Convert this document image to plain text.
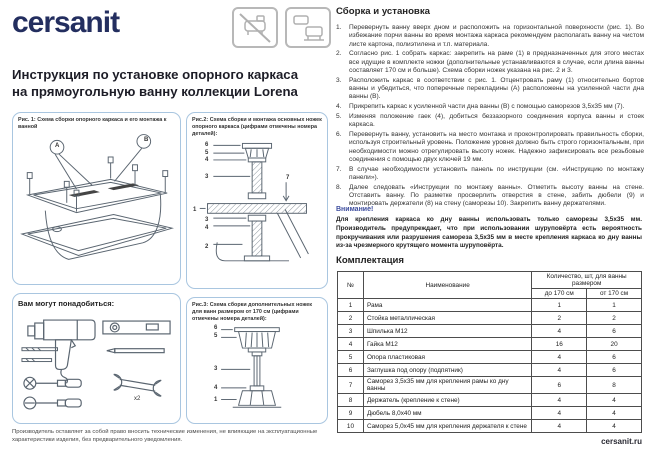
cersanit
Инструкция по установке опорного каркаса
на прямоугольную ванну коллекции Lorena
Рис. 1: Схема сборки опорного каркаса и его монтажа к ванной
A
B
Рис.2: Схема сборки и монтажа основных ножек опорного каркаса (цифрами отмечены номера деталей):
6
5
4
3
1
3
4
2
7
Рис.3: Схема сборки дополнительных ножек для ванн размером от 170 см (цифрами отмечены номера деталей):
6
5
3
4
1
Вам могут понадобиться:
x2
Производитель оставляет за собой право вносить технические изменения, не влияющие на эксплуатационные характеристики изделия, без предварительного уведомления.
Сборка и установка
1.	Перевернуть ванну вверх дном и расположить на горизонтальной поверхности (рис. 1). Во избежание порчи ванны во время монтажа каркаса рекомендуем располагать ванну на чистом листе картона, полиэтилена и т.п. материала.
2.	Согласно рис. 1 собрать каркас: закрепить на раме (1) в предназначенных для этого местах все идущие в комплекте ножки (дополнительные устанавливаются в случае, если длина ванны составляет 170 см и больше). Схема сборки ножек указана на рис. 2 и 3.
3.	Расположить каркас в соответствии с рис. 1. Отцентровать раму (1) относительно бортов ванны и убедиться, что поперечные перекладины (А) расположены на усиленной части дна ванны (B).
4.	Прикрепить каркас к усиленной части дна ванны (B) с помощью саморезов 3,5х35 мм (7).
5.	Изменяя положение гаек (4), добиться беззазорного соединения корпуса ванны и стоек каркаса.
6.	Перевернуть ванну, установить на место монтажа и проконтролировать правильность сборки, используя строительный уровень. Положение уровня должно быть строго горизонтальным, при необходимости можно отрегулировать высоту ножек. Надежно зафиксировать все резьбовые соединения с помощью двух ключей 19 мм.
7.	В случае необходимости установить панель по инструкции (см. «Инструкцию по монтажу панели»).
8.	Далее следовать «Инструкции по монтажу ванны». Отметить высоту ванны на стене. Отставить ванну. По разметке просверлить отверстия в стене, забить дюбели (9) и монтировать держатели (8) на стену (саморезы 10). Закрепить ванну держателями.
Внимание!
Для крепления каркаса ко дну ванны использовать только саморезы 3,5х35 мм. Производитель предупреждает, что при использовании шуруповёрта есть вероятность прокручивания или разрушения самореза 3,5х35 мм в месте крепления каркаса ко дну ванны из-за чрезмерного крутящего момента шуруповёрта.
Комплектация
№	Наименование	Количество, шт, для ванны размером	
		до 170 см	от 170 см
1	Рама	1	1
2	Стойка металлическая	2	2
3	Шпилька М12	4	6
4	Гайка М12	16	20
5	Опора пластиковая	4	6
6	Заглушка под опору (подпятник)	4	6
7	Саморез 3,5х35 мм для крепления рамы ко дну ванны	6	8
8	Держатель (крепление к стене)	4	4
9	Дюбель 8,0х40 мм	4	4
10	Саморез 5,0х45 мм для крепления держателя к стене	4	4
cersanit.ru
